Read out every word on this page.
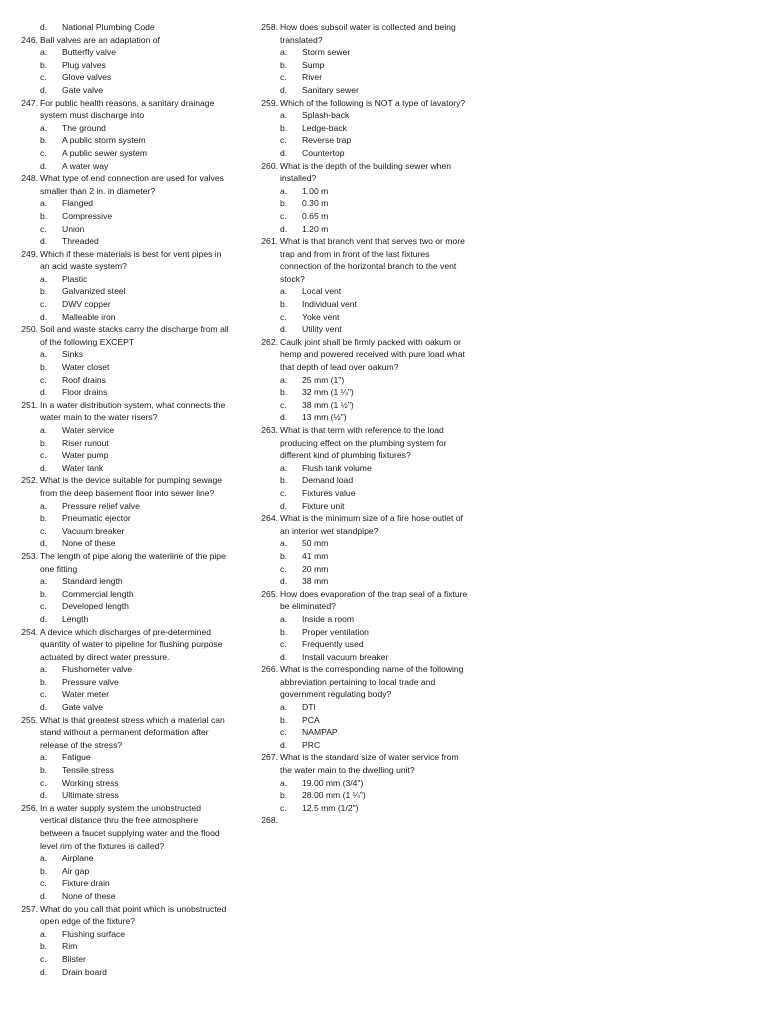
d. National Plumbing Code
246. Ball valves are an adaptation of
a. Butterfly valve
b. Plug valves
c. Glove valves
d. Gate valve
247. For public health reasons, a sanitary drainage
system must discharge into
a. The ground
b. A public storm system
c. A public sewer system
d. A water way
248. What type of end connection are used for valves
smaller than 2 in. in diameter?
a. Flanged
b. Compressive
c. Union
d. Threaded
249. Which if these materials is best for vent pipes in
an acid waste system?
a. Plastic
b. Galvanized steel
c. DWV copper
d. Malleable iron
250. Soil and waste stacks carry the discharge from all
of the following EXCEPT
a. Sinks
b. Water closet
c. Roof drains
d. Floor drains
251. In a water distribution system, what connects the
water main to the water risers?
a. Water service
b. Riser runout
c. Water pump
d. Water tank
252. What is the device suitable for pumping sewage
from the deep basement floor into sewer line?
a. Pressure relief valve
b. Pneumatic ejector
c. Vacuum breaker
d. None of these
253. The length of pipe along the waterline of the pipe
one fitting
a. Standard length
b. Commercial length
c. Developed length
d. Length
254. A device which discharges of pre-determined
quantity of water to pipeline for flushing purpose
actuated by direct water pressure.
a. Flushometer valve
b. Pressure valve
c. Water meter
d. Gate valve
255. What is that greatest stress which a material can
stand without a permanent deformation after
release of the stress?
a. Fatigue
b. Tensile stress
c. Working stress
d. Ultimate stress
256. In a water supply system the unobstructed
vertical distance thru the free atmosphere
between a faucet supplying water and the flood
level rim of the fixtures is called?
a. Airplane
b. Air gap
c. Fixture drain
d. None of these
257. What do you call that point which is unobstructed
open edge of the fixture?
a. Flushing surface
b. Rim
c. Blister
d. Drain board
258. How does subsoil water is collected and being
translated?
a. Storm sewer
b. Sump
c. River
d. Sanitary sewer
259. Which of the following is NOT a type of lavatory?
a. Splash-back
b. Ledge-back
c. Reverse trap
d. Countertop
260. What is the depth of the building sewer when
installed?
a. 1.00 m
b. 0.30 m
c. 0.65 m
d. 1.20 m
261. What is that branch vent that serves two or more
trap and from in front of the last fixtures
connection of the horizontal branch to the vent
stock?
a. Local vent
b. Individual vent
c. Yoke vent
d. Utility vent
262. Caulk joint shall be firmly packed with oakum or
hemp and powered received with pure load what
that depth of lead over oakum?
a. 25 mm (1")
b. 32 mm (1 ¼")
c. 38 mm (1 ½")
d. 13 mm (½")
263. What is that term with reference to the load
producing effect on the plumbing system for
different kind of plumbing fixtures?
a. Flush tank volume
b. Demand load
c. Fixtures value
d. Fixture unit
264. What is the minimum size of a fire hose outlet of
an interior wet standpipe?
a. 50 mm
b. 41 mm
c. 20 mm
d. 38 mm
265. How does evaporation of the trap seal of a fixture
be eliminated?
a. Inside a room
b. Proper ventilation
c. Frequently used
d. Install vacuum breaker
266. What is the corresponding name of the following
abbreviation pertaining to local trade and
government regulating body?
a. DTI
b. PCA
c. NAMPAP
d. PRC
267. What is the standard size of water service from
the water main to the dwelling unit?
a. 19.00 mm (3/4")
b. 28.00 mm (1 ¼")
c. 12.5 mm (1/2")
268.
